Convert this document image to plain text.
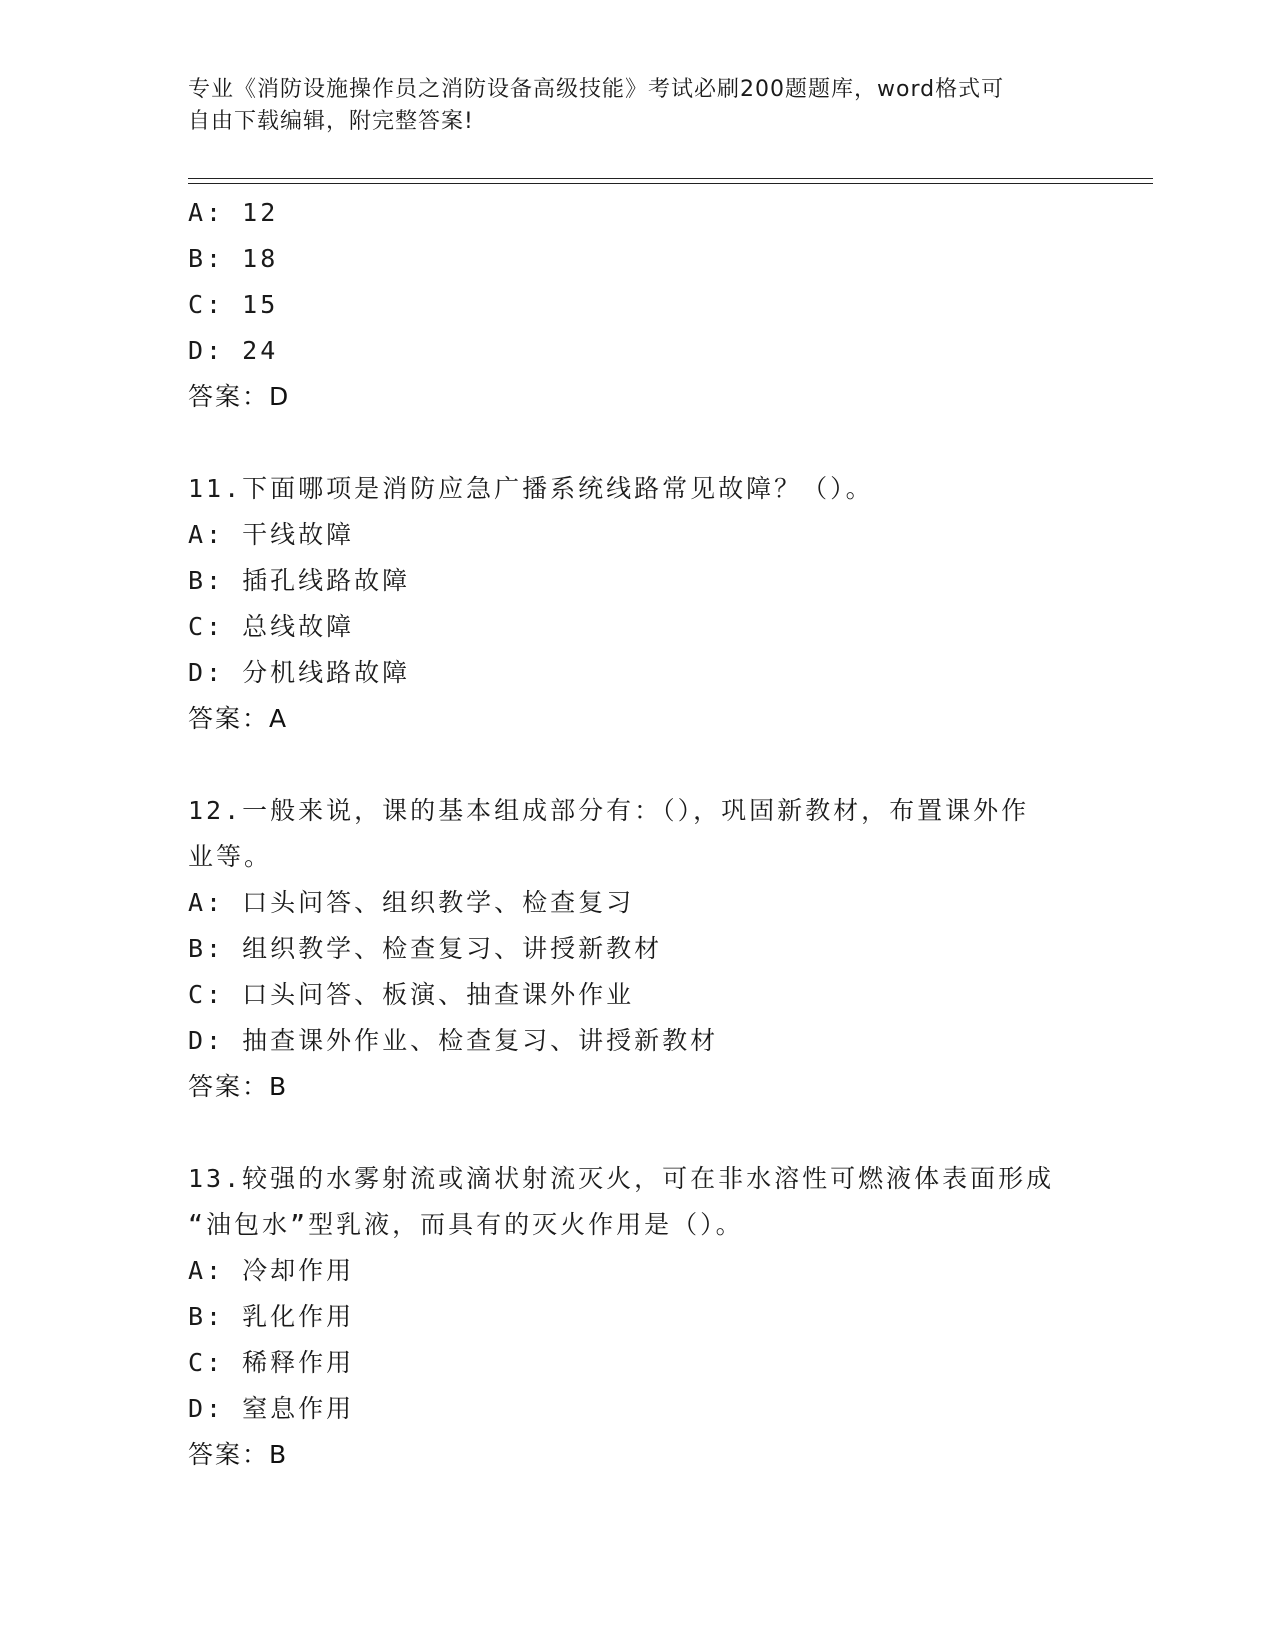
专业《消防设施操作员之消防设备高级技能》考试必刷200题题库，word格式可
自由下载编辑，附完整答案!
A: 12
B: 18
C: 15
D: 24
答案：D
11.下面哪项是消防应急广播系统线路常见故障？（）。
A: 干线故障
B: 插孔线路故障
C: 总线故障
D: 分机线路故障
答案：A
12.一般来说，课的基本组成部分有：（），巩固新教材，布置课外作
业等。
A: 口头问答、组织教学、检查复习
B: 组织教学、检查复习、讲授新教材
C: 口头问答、板演、抽查课外作业
D: 抽查课外作业、检查复习、讲授新教材
答案：B
13.较强的水雾射流或滴状射流灭火，可在非水溶性可燃液体表面形成
“油包水”型乳液，而具有的灭火作用是（）。
A: 冷却作用
B: 乳化作用
C: 稀释作用
D: 窒息作用
答案：B
